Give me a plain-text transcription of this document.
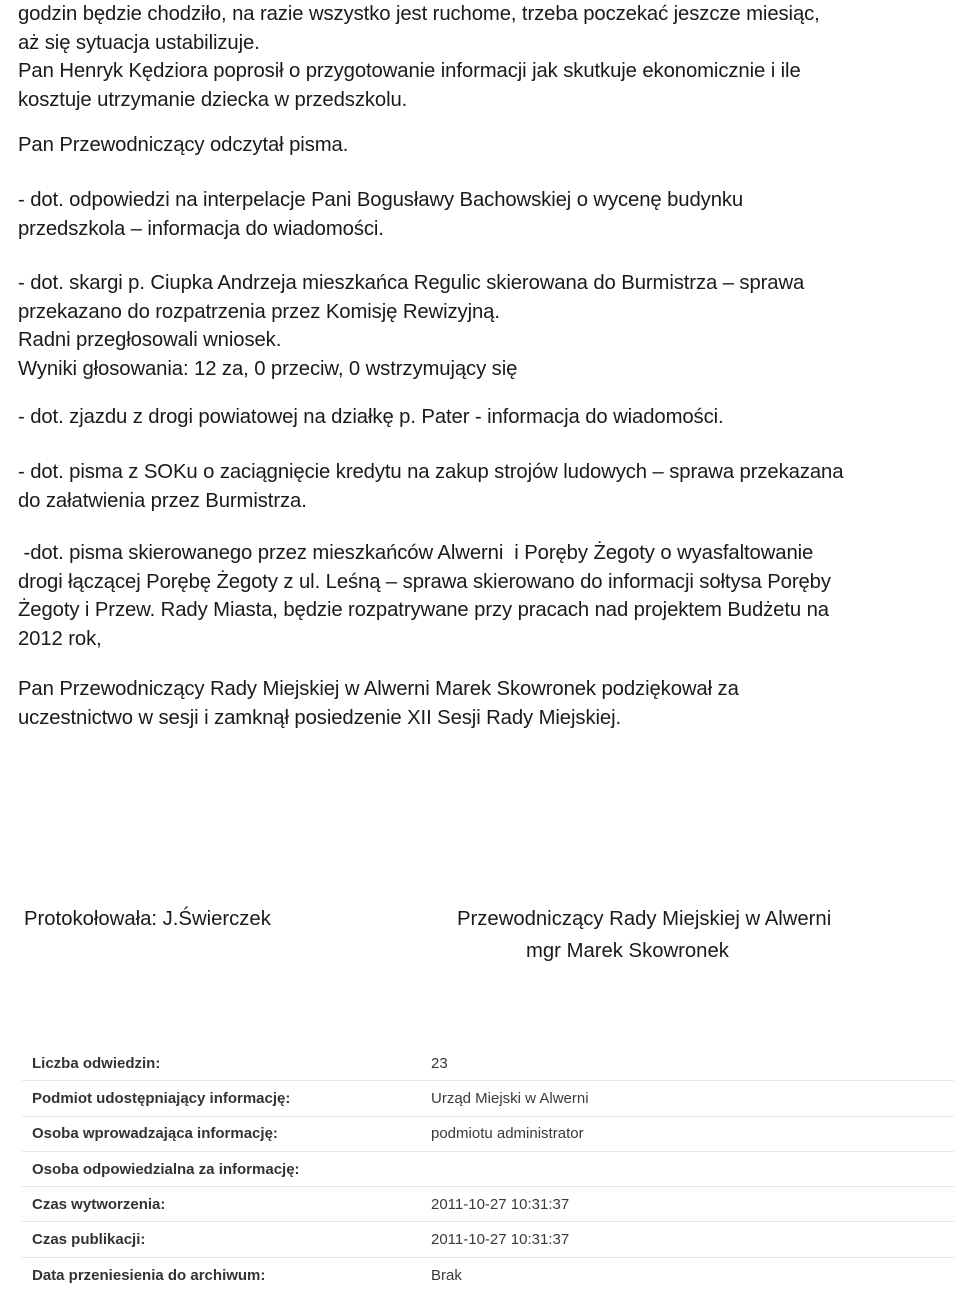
godzin będzie chodziło, na razie wszystko jest ruchome, trzeba poczekać jeszcze miesiąc,
aż się sytuacja ustabilizuje.
Pan Henryk Kędziora poprosił o przygotowanie informacji jak skutkuje ekonomicznie i ile
kosztuje utrzymanie dziecka w przedszkolu.
Pan Przewodniczący odczytał pisma.
- dot. odpowiedzi na interpelacje Pani Bogusławy Bachowskiej o wycenę budynku
przedszkola – informacja do wiadomości.
- dot. skargi p. Ciupka Andrzeja mieszkańca Regulic skierowana do Burmistrza – sprawa
przekazano do rozpatrzenia przez Komisję Rewizyjną.
Radni przegłosowali wniosek.
Wyniki głosowania: 12 za, 0 przeciw, 0 wstrzymujący się
- dot. zjazdu z drogi powiatowej na działkę p. Pater - informacja do wiadomości.
- dot. pisma z SOKu o zaciągnięcie kredytu na zakup strojów ludowych – sprawa przekazana
do załatwienia przez Burmistrza.
-dot. pisma skierowanego przez mieszkańców Alwerni  i Poręby Żegoty o wyasfaltowanie
drogi łączącej Porębę Żegoty z ul. Leśną – sprawa skierowano do informacji sołtysa Poręby
Żegoty i Przew. Rady Miasta, będzie rozpatrywane przy pracach nad projektem Budżetu na
2012 rok,
Pan Przewodniczący Rady Miejskiej w Alwerni Marek Skowronek podziękował za
uczestnictwo w sesji i zamknął posiedzenie XII Sesji Rady Miejskiej.
Protokołowała: J.Świerczek	Przewodniczący Rady Miejskiej w Alwerni
mgr Marek Skowronek
Liczba odwiedzin:	23
Podmiot udostępniający informację:	Urząd Miejski w Alwerni
Osoba wprowadzająca informację:	podmiotu administrator
Osoba odpowiedzialna za informację:
Czas wytworzenia:	2011-10-27 10:31:37
Czas publikacji:	2011-10-27 10:31:37
Data przeniesienia do archiwum:	Brak
